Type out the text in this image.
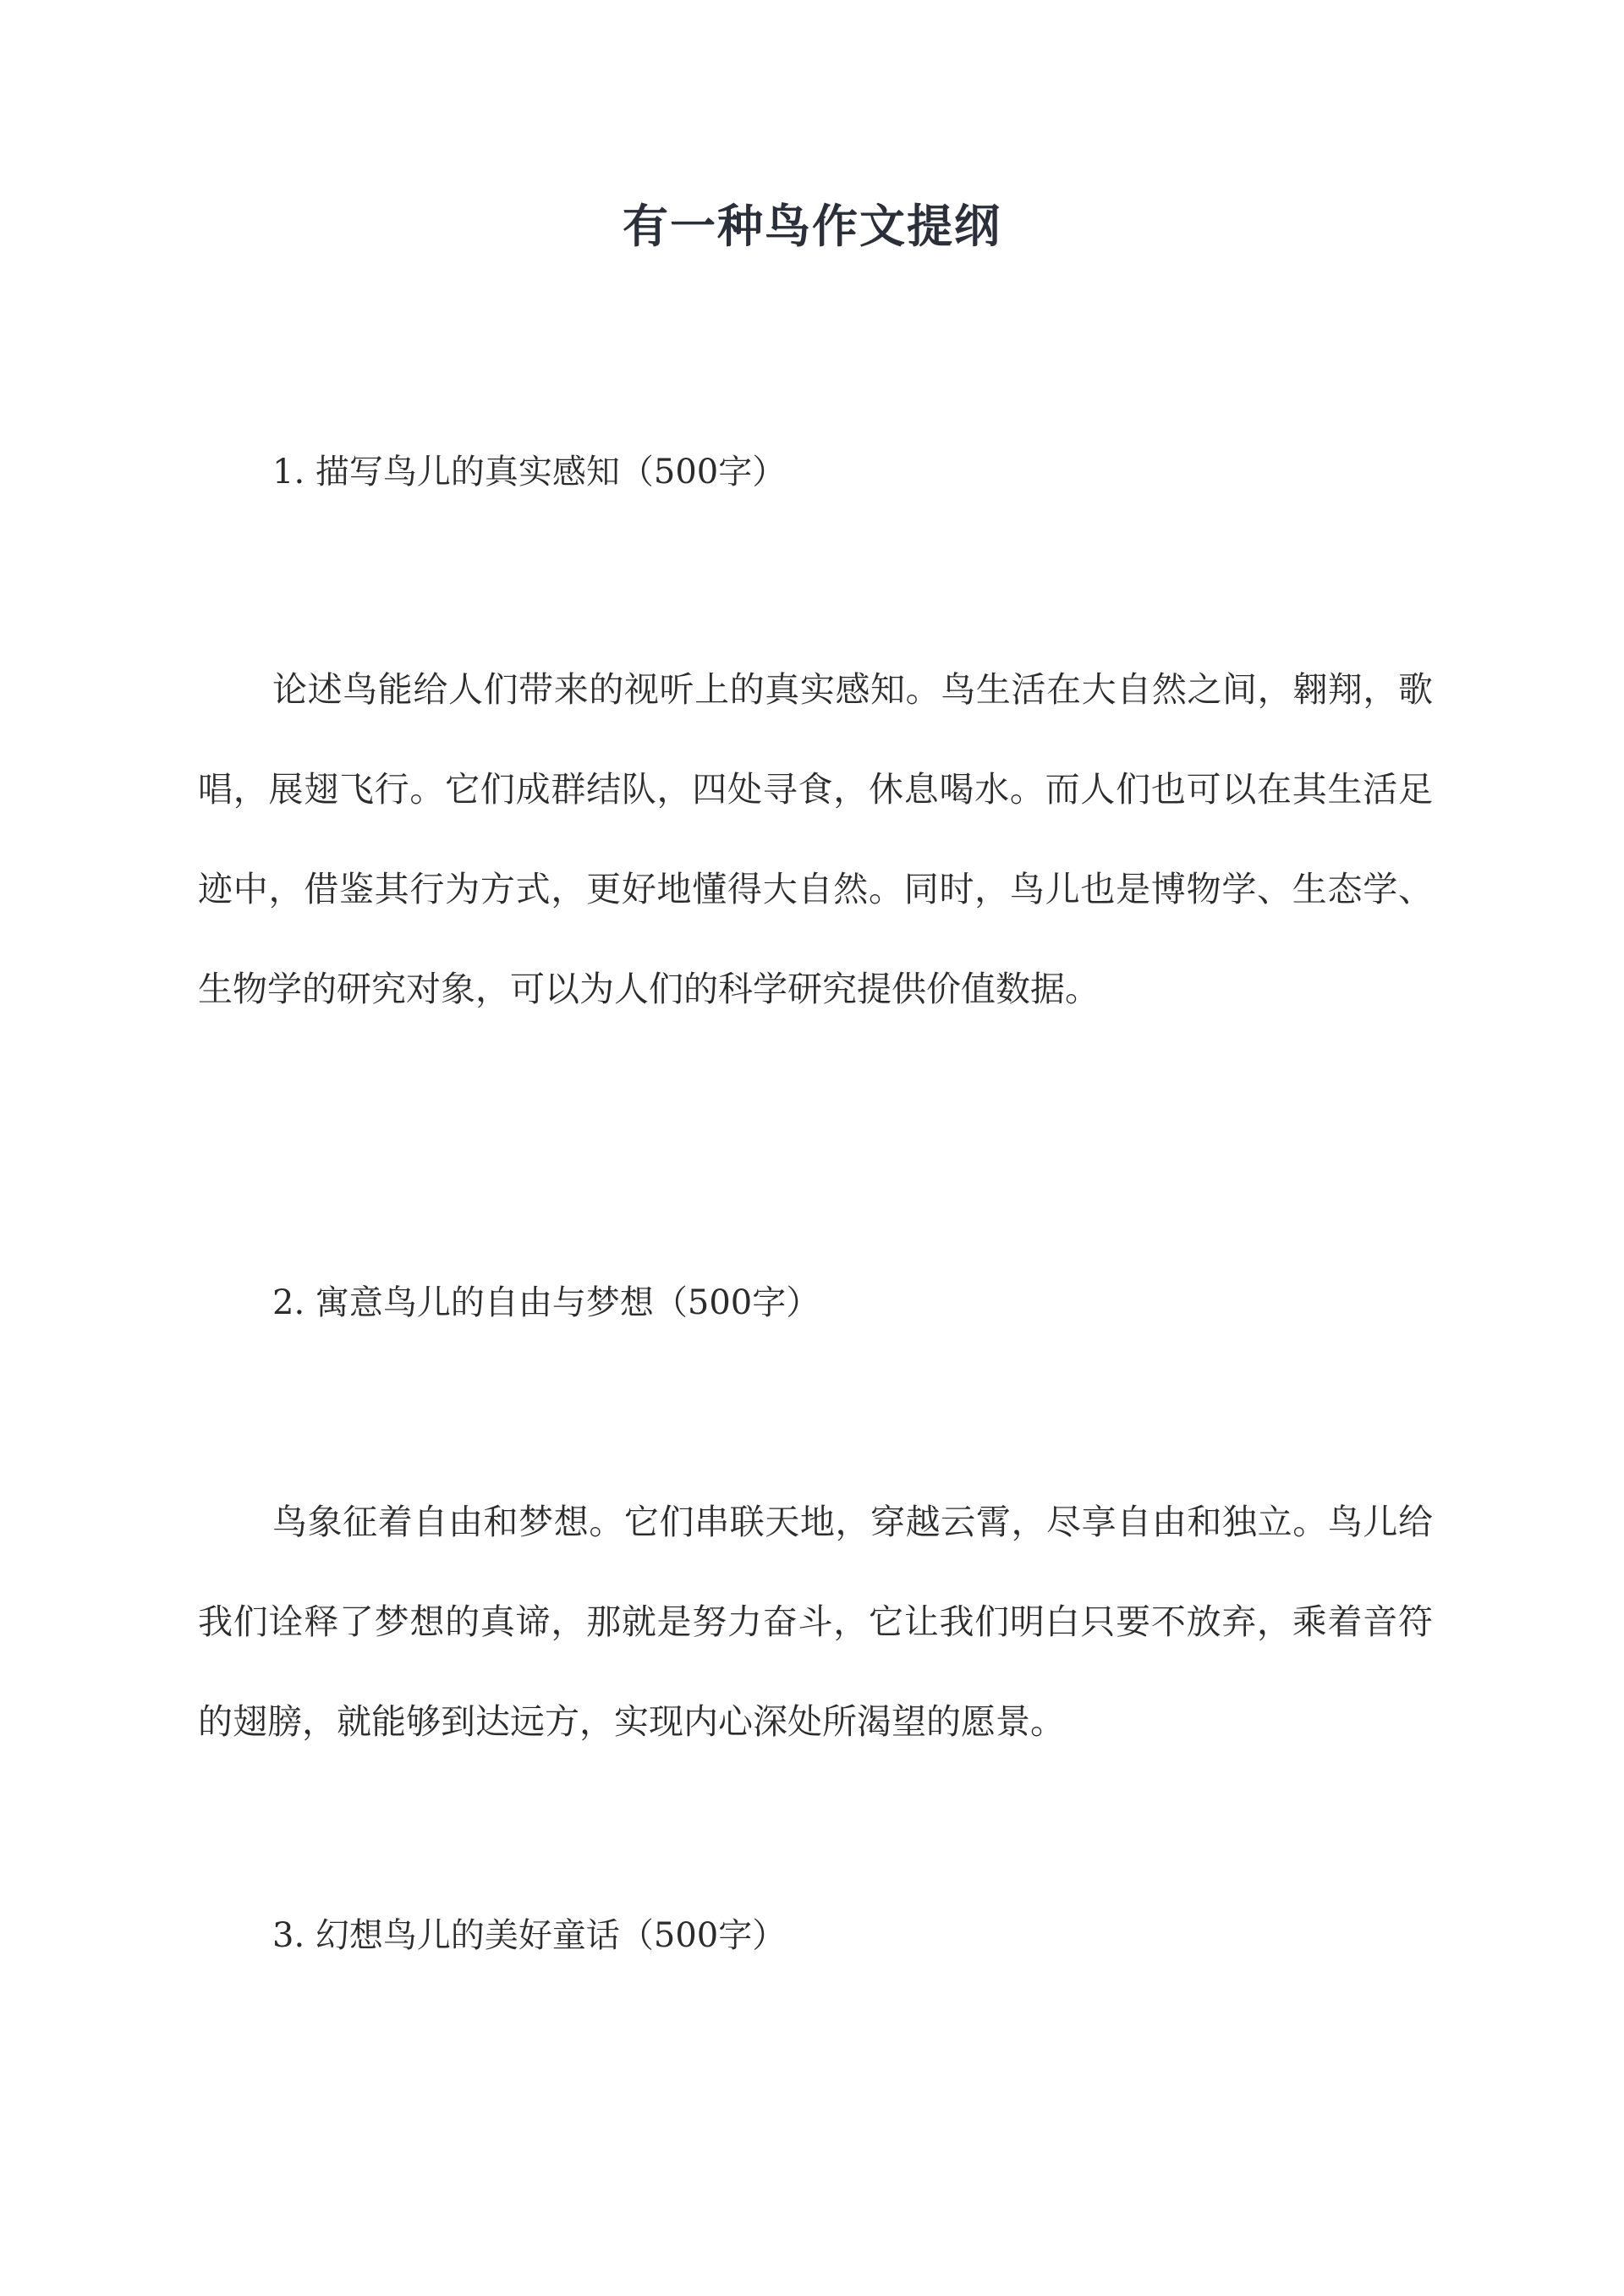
有一种鸟作文提纲
1. 描写鸟儿的真实感知（500字）

论述鸟能给人们带来的视听上的真实感知。鸟生活在大自然之间，翱翔，歌唱，展翅飞行。它们成群结队，四处寻食，休息喝水。而人们也可以在其生活足迹中，借鉴其行为方式，更好地懂得大自然。同时，鸟儿也是博物学、生态学、生物学的研究对象，可以为人们的科学研究提供价值数据。

2. 寓意鸟儿的自由与梦想（500字）

鸟象征着自由和梦想。它们串联天地，穿越云霄，尽享自由和独立。鸟儿给我们诠释了梦想的真谛，那就是努力奋斗，它让我们明白只要不放弃，乘着音符的翅膀，就能够到达远方，实现内心深处所渴望的愿景。

3. 幻想鸟儿的美好童话（500字）
